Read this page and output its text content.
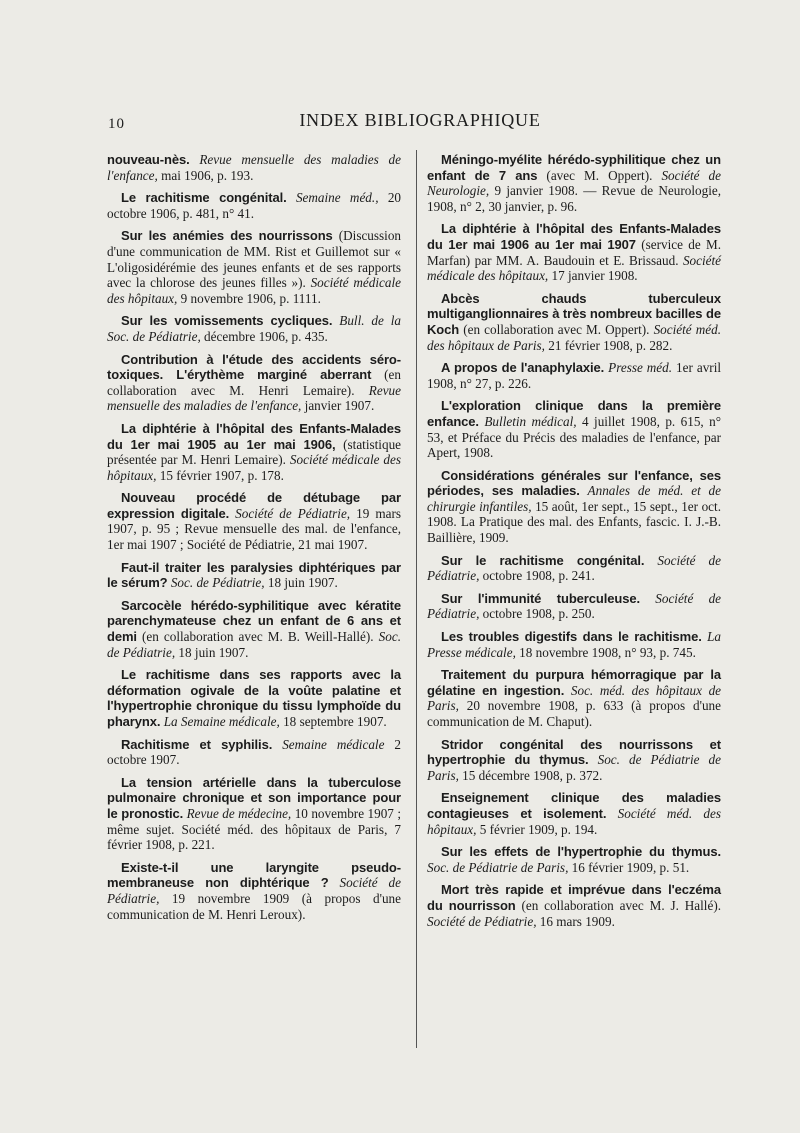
10	INDEX BIBLIOGRAPHIQUE

nouveau-nès. Revue mensuelle des maladies de l'enfance, mai 1906, p. 193.

Le rachitisme congénital. Semaine méd., 20 octobre 1906, p. 481, n° 41.

Sur les anémies des nourrissons (Discussion d'une communication de MM. Rist et Guillemot sur « L'oligosidérémie des jeunes enfants et de ses rapports avec la chlorose des jeunes filles »). Société médicale des hôpitaux, 9 novembre 1906, p. 1111.

Sur les vomissements cycliques. Bull. de la Soc. de Pédiatrie, décembre 1906, p. 435.

Contribution à l'étude des accidents séro-toxiques. L'érythème marginé aberrant (en collaboration avec M. Henri Lemaire). Revue mensuelle des maladies de l'enfance, janvier 1907.

La diphtérie à l'hôpital des Enfants-Malades du 1er mai 1905 au 1er mai 1906, (statistique présentée par M. Henri Lemaire). Société médicale des hôpitaux, 15 février 1907, p. 178.

Nouveau procédé de détubage par expression digitale. Société de Pédiatrie, 19 mars 1907, p. 95 ; Revue mensuelle des mal. de l'enfance, 1er mai 1907 ; Société de Pédiatrie, 21 mai 1907.

Faut-il traiter les paralysies diphtériques par le sérum? Soc. de Pédiatrie, 18 juin 1907.

Sarcocèle hérédo-syphilitique avec kératite parenchymateuse chez un enfant de 6 ans et demi (en collaboration avec M. B. Weill-Hallé). Soc. de Pédiatrie, 18 juin 1907.

Le rachitisme dans ses rapports avec la déformation ogivale de la voûte palatine et l'hypertrophie chronique du tissu lymphoïde du pharynx. La Semaine médicale, 18 septembre 1907.

Rachitisme et syphilis. Semaine médicale 2 octobre 1907.

La tension artérielle dans la tuberculose pulmonaire chronique et son importance pour le pronostic. Revue de médecine, 10 novembre 1907 ; même sujet. Société méd. des hôpitaux de Paris, 7 février 1908, p. 221.

Existe-t-il une laryngite pseudo-membraneuse non diphtérique ? Société de Pédiatrie, 19 novembre 1909 (à propos d'une communication de M. Henri Leroux).

Méningo-myélite hérédo-syphilitique chez un enfant de 7 ans (avec M. Oppert). Société de Neurologie, 9 janvier 1908. — Revue de Neurologie, 1908, n° 2, 30 janvier, p. 96.

La diphtérie à l'hôpital des Enfants-Malades du 1er mai 1906 au 1er mai 1907 (service de M. Marfan) par MM. A. Baudouin et E. Brissaud. Société médicale des hôpitaux, 17 janvier 1908.

Abcès chauds tuberculeux multiganglionnaires à très nombreux bacilles de Koch (en collaboration avec M. Oppert). Société méd. des hôpitaux de Paris, 21 février 1908, p. 282.

A propos de l'anaphylaxie. Presse méd. 1er avril 1908, n° 27, p. 226.

L'exploration clinique dans la première enfance. Bulletin médical, 4 juillet 1908, p. 615, n° 53, et Préface du Précis des maladies de l'enfance, par Apert, 1908.

Considérations générales sur l'enfance, ses périodes, ses maladies. Annales de méd. et de chirurgie infantiles, 15 août, 1er sept., 15 sept., 1er oct. 1908. La Pratique des mal. des Enfants, fascic. I. J.-B. Baillière, 1909.

Sur le rachitisme congénital. Société de Pédiatrie, octobre 1908, p. 241.

Sur l'immunité tuberculeuse. Société de Pédiatrie, octobre 1908, p. 250.

Les troubles digestifs dans le rachitisme. La Presse médicale, 18 novembre 1908, n° 93, p. 745.

Traitement du purpura hémorragique par la gélatine en ingestion. Soc. méd. des hôpitaux de Paris, 20 novembre 1908, p. 633 (à propos d'une communication de M. Chaput).

Stridor congénital des nourrissons et hypertrophie du thymus. Soc. de Pédiatrie de Paris, 15 décembre 1908, p. 372.

Enseignement clinique des maladies contagieuses et isolement. Société méd. des hôpitaux, 5 février 1909, p. 194.

Sur les effets de l'hypertrophie du thymus. Soc. de Pédiatrie de Paris, 16 février 1909, p. 51.

Mort très rapide et imprévue dans l'eczéma du nourrisson (en collaboration avec M. J. Hallé). Société de Pédiatrie, 16 mars 1909.
